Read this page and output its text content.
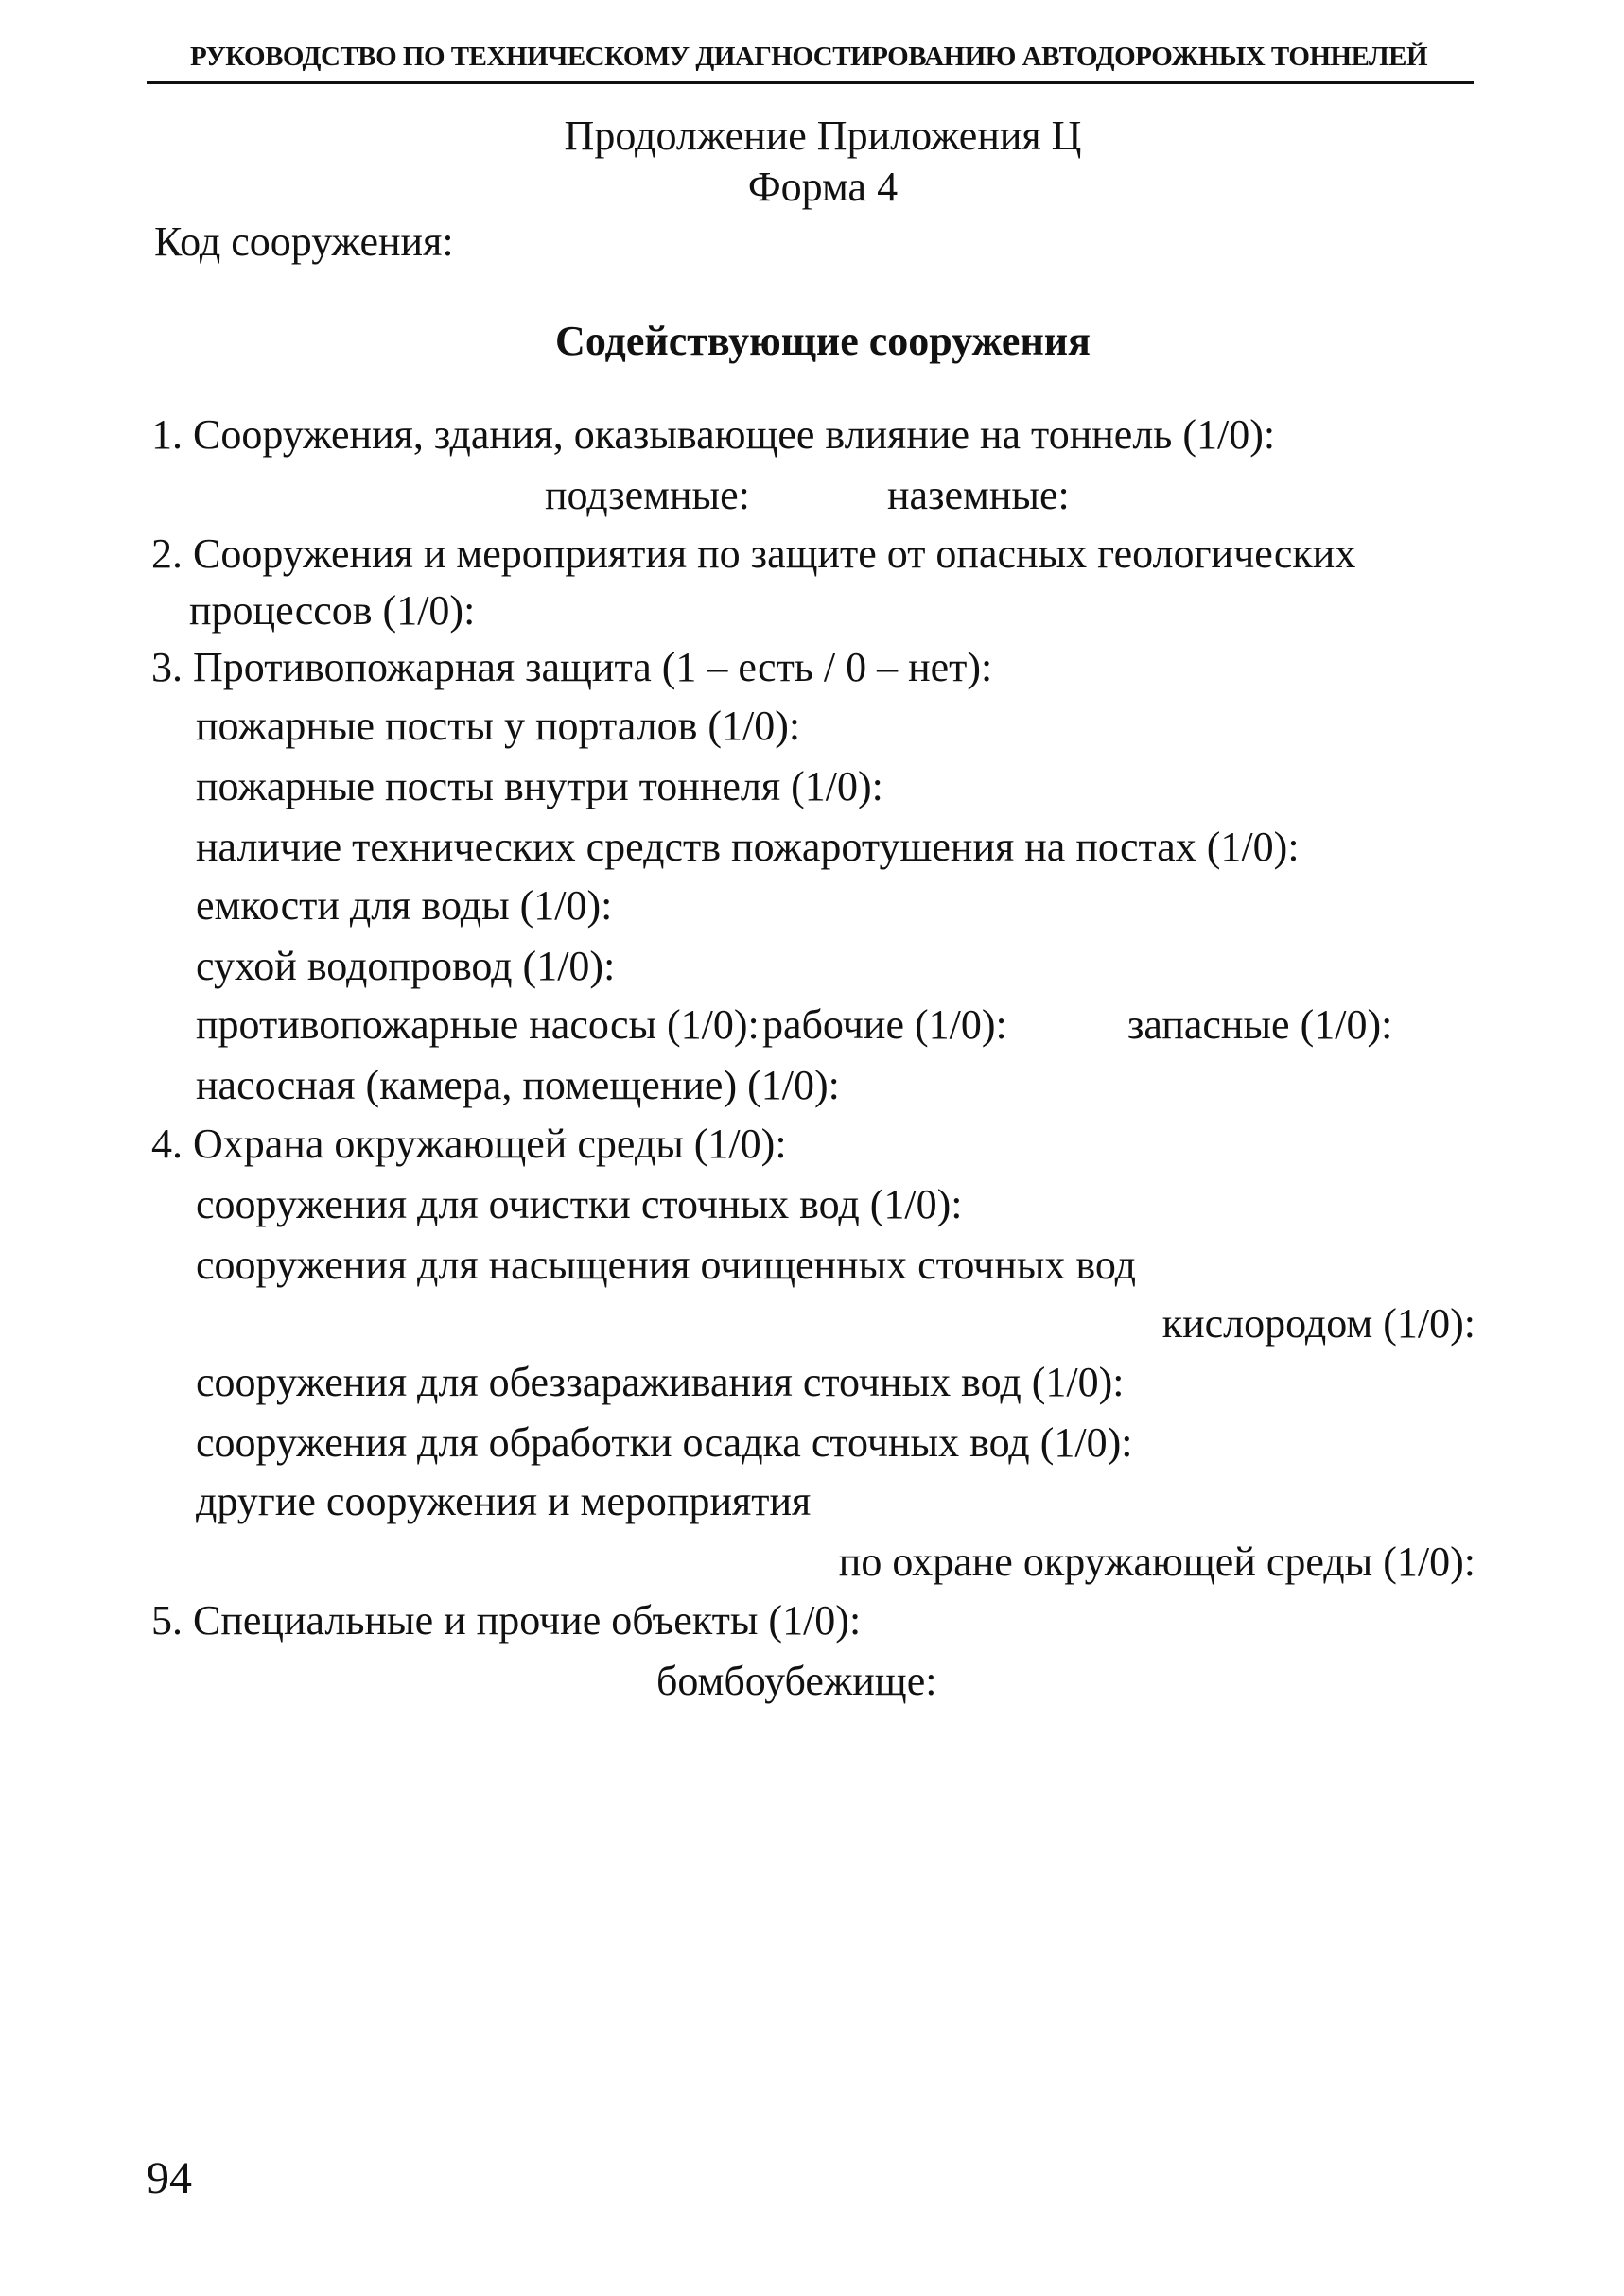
РУКОВОДСТВО ПО ТЕХНИЧЕСКОМУ ДИАГНОСТИРОВАНИЮ АВТОДОРОЖНЫХ ТОННЕЛЕЙ
Продолжение Приложения Ц
Форма 4
Код сооружения:
Содействующие сооружения
1. Сооружения, здания, оказывающее влияние на тоннель (1/0):
подземные:	наземные:
2. Сооружения и мероприятия по защите от опасных геологических
процессов (1/0):
3. Противопожарная защита (1 – есть / 0 – нет):
пожарные посты у порталов (1/0):
пожарные посты внутри тоннеля (1/0):
наличие технических средств пожаротушения на постах (1/0):
емкости для воды (1/0):
сухой водопровод (1/0):
противопожарные насосы (1/0): рабочие (1/0):	запасные (1/0):
насосная (камера, помещение) (1/0):
4. Охрана окружающей среды (1/0):
сооружения для очистки сточных вод (1/0):
сооружения для насыщения очищенных сточных вод
кислородом (1/0):
сооружения для обеззараживания сточных вод (1/0):
сооружения для обработки осадка сточных вод (1/0):
другие сооружения и мероприятия
по охране окружающей среды (1/0):
5. Специальные и прочие объекты (1/0):
бомбоубежище:
94
